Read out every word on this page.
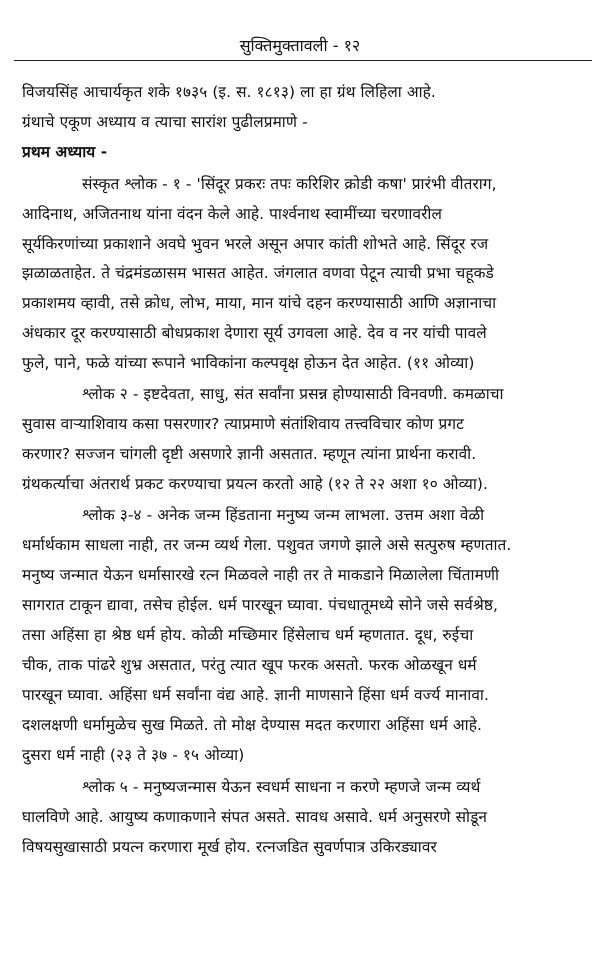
सुक्तिमुक्तावली - १२
विजयसिंह आचार्यकृत शके १७३५ (इ. स. १८१३) ला हा ग्रंथ लिहिला आहे.
ग्रंथाचे एकूण अध्याय व त्याचा सारांश पुढीलप्रमाणे -
प्रथम अध्याय -
संस्कृत श्लोक - १ - 'सिंदूर प्रकरः तपः करिशिर क्रोडी कषा' प्रारंभी वीतराग,
आदिनाथ, अजितनाथ यांना वंदन केले आहे. पार्श्वनाथ स्वामींच्या चरणावरील
सूर्यकिरणांच्या प्रकाशाने अवघे भुवन भरले असून अपार कांती शोभते आहे. सिंदूर रज
झळाळताहेत. ते चंद्रमंडळासम भासत आहेत. जंगलात वणवा पेटून त्याची प्रभा चहूकडे
प्रकाशमय व्हावी, तसे क्रोध, लोभ, माया, मान यांचे दहन करण्यासाठी आणि अज्ञानाचा
अंधकार दूर करण्यासाठी बोधप्रकाश देणारा सूर्य उगवला आहे. देव व नर यांची पावले
फुले, पाने, फळे यांच्या रूपाने भाविकांना कल्पवृक्ष होऊन देत आहेत. (११ ओव्या)
श्लोक २ - इष्टदेवता, साधु, संत सर्वांना प्रसन्न होण्यासाठी विनवणी. कमळाचा
सुवास वाऱ्याशिवाय कसा पसरणार? त्याप्रमाणे संतांशिवाय तत्त्वविचार कोण प्रगट
करणार? सज्जन चांगली दृष्टी असणारे ज्ञानी असतात. म्हणून त्यांना प्रार्थना करावी.
ग्रंथकर्त्याचा अंतरार्थ प्रकट करण्याचा प्रयत्न करतो आहे (१२ ते २२ अशा १० ओव्या).
श्लोक ३-४ - अनेक जन्म हिंडताना मनुष्य जन्म लाभला. उत्तम अशा वेळी
धर्मार्थकाम साधला नाही, तर जन्म व्यर्थ गेला. पशुवत जगणे झाले असे सत्पुरुष म्हणतात.
मनुष्य जन्मात येऊन धर्मासारखे रत्न मिळवले नाही तर ते माकडाने मिळालेला चिंतामणी
सागरात टाकून द्यावा, तसेच होईल. धर्म पारखून घ्यावा. पंचधातूमध्ये सोने जसे सर्वश्रेष्ठ,
तसा अहिंसा हा श्रेष्ठ धर्म होय. कोळी मच्छिमार हिंसेलाच धर्म म्हणतात. दूध, रुईचा
चीक, ताक पांढरे शुभ्र असतात, परंतु त्यात खूप फरक असतो. फरक ओळखून धर्म
पारखून घ्यावा. अहिंसा धर्म सर्वांना वंद्य आहे. ज्ञानी माणसाने हिंसा धर्म वर्ज्य मानावा.
दशलक्षणी धर्मामुळेच सुख मिळते. तो मोक्ष देण्यास मदत करणारा अहिंसा धर्म आहे.
दुसरा धर्म नाही (२३ ते ३७ - १५ ओव्या)
श्लोक ५ - मनुष्यजन्मास येऊन स्वधर्म साधना न करणे म्हणजे जन्म व्यर्थ
घालविणे आहे. आयुष्य कणाकणाने संपत असते. सावध असावे. धर्म अनुसरणे सोडून
विषयसुखासाठी प्रयत्न करणारा मूर्ख होय. रत्नजडित सुवर्णपात्र उकिरड्यावर
